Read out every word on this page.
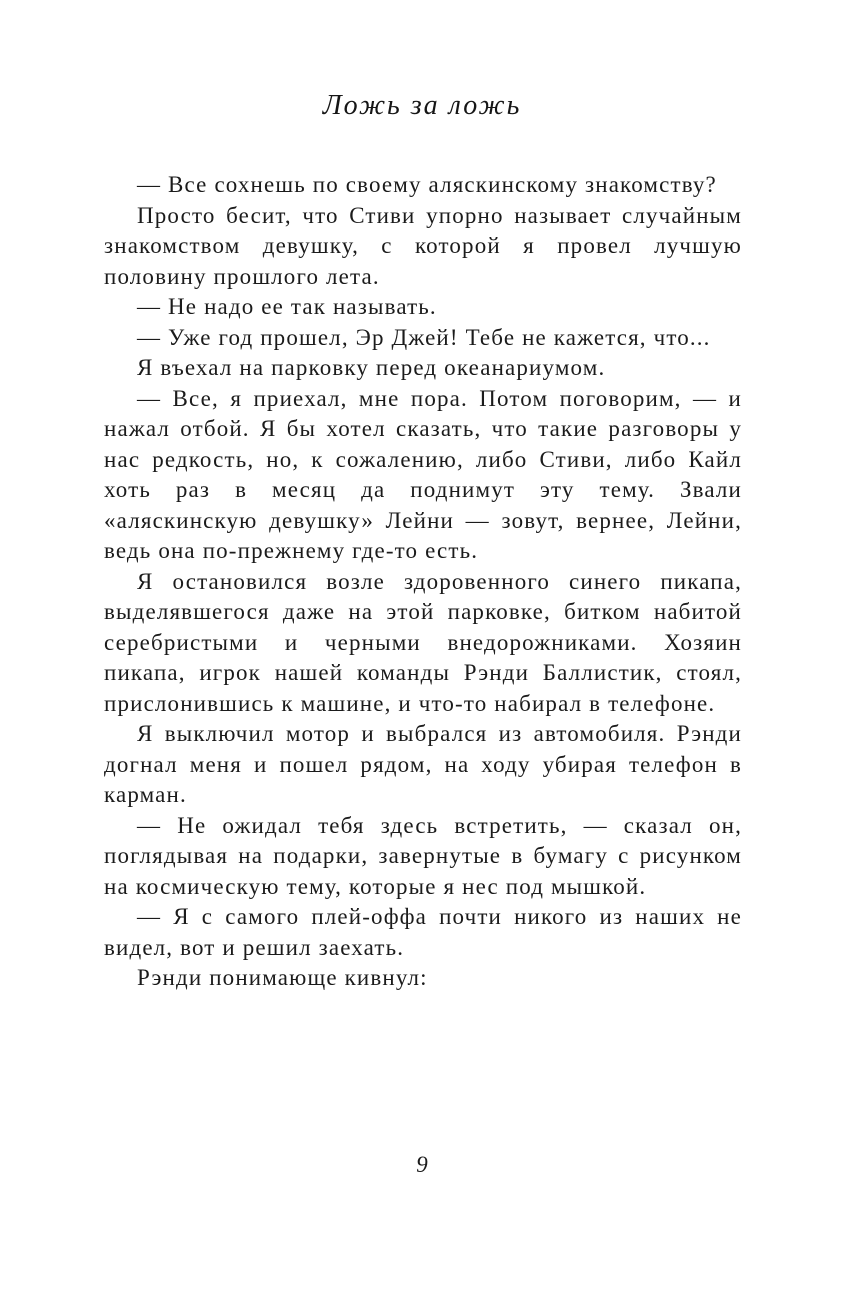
Ложь за ложь

— Все сохнешь по своему аляскинскому знакомству?

Просто бесит, что Стиви упорно называет случайным знакомством девушку, с которой я провел лучшую половину прошлого лета.

— Не надо ее так называть.

— Уже год прошел, Эр Джей! Тебе не кажется, что...

Я въехал на парковку перед океанариумом.

— Все, я приехал, мне пора. Потом поговорим, — и нажал отбой. Я бы хотел сказать, что такие разговоры у нас редкость, но, к сожалению, либо Стиви, либо Кайл хоть раз в месяц да поднимут эту тему. Звали «аляскинскую девушку» Лейни — зовут, вернее, Лейни, ведь она по-прежнему где-то есть.

Я остановился возле здоровенного синего пикапа, выделявшегося даже на этой парковке, битком набитой серебристыми и черными внедорожниками. Хозяин пикапа, игрок нашей команды Рэнди Баллистик, стоял, прислонившись к машине, и что-то набирал в телефоне.

Я выключил мотор и выбрался из автомобиля. Рэнди догнал меня и пошел рядом, на ходу убирая телефон в карман.

— Не ожидал тебя здесь встретить, — сказал он, поглядывая на подарки, завернутые в бумагу с рисунком на космическую тему, которые я нес под мышкой.

— Я с самого плей-оффа почти никого из наших не видел, вот и решил заехать.

Рэнди понимающе кивнул:

9
